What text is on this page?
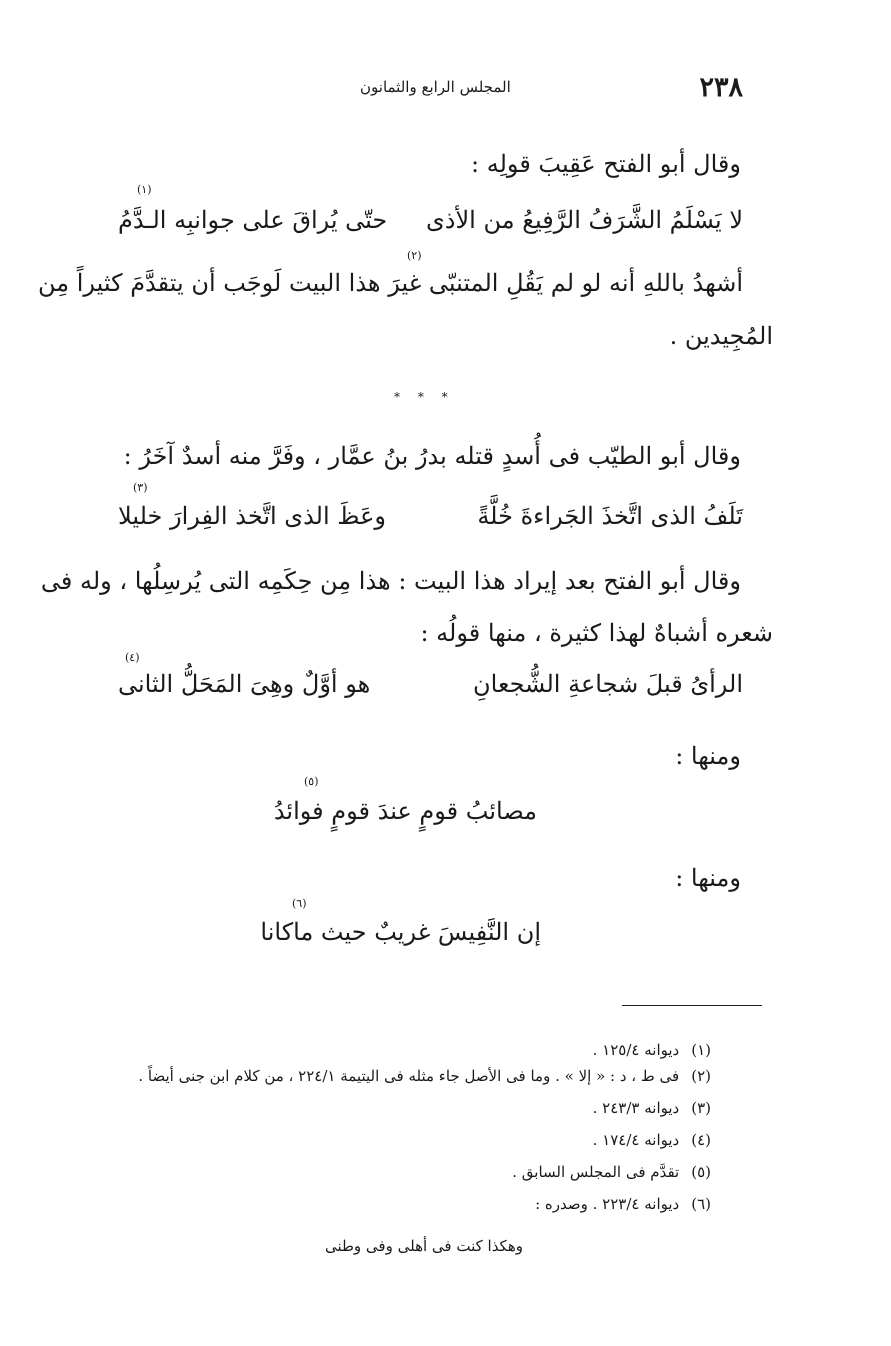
٢٣٨
المجلس الرابع والثمانون
وقال أبو الفتح عَقِيبَ قولِه :
(١)
لا يَسْلَمُ الشَّرَفُ الرَّفِيعُ من الأذى
حتّى يُراقَ على جوانبِه الـدَّمُ
(٢)
أشهدُ باللهِ أنه لو لم يَقُلِ المتنبّى غيرَ هذا البيت لَوجَب أن يتقدَّمَ كثيراً مِن
المُجِيدين .
* * *
وقال أبو الطيّب فى أُسدٍ قتله بدرُ بنُ عمَّار ، وفَرَّ منه أسدٌ آخَرُ :
(٣)
تَلَفُ الذى اتَّخذَ الجَراءةَ خُلَّةً
وعَظَ الذى اتَّخذ الفِرارَ خليلا
وقال أبو الفتح بعد إيراد هذا البيت : هذا مِن حِكَمِه التى يُرسِلُها ، وله فى
شعره أشباهٌ لهذا كثيرة ، منها قولُه :
(٤)
الرأىُ قبلَ شجاعةِ الشُّجعانِ
هو أوَّلٌ وهِىَ المَحَلُّ الثانى
ومنها :
(٥)
مصائبُ قومٍ عندَ قومٍ فوائدُ
ومنها :
(٦)
إن النَّفِيسَ غريبٌ حيث ماكانا
(١)ديوانه ١٢٥/٤ .
(٢)فى ط ، د : « إلا » . وما فى الأصل جاء مثله فى اليتيمة ٢٢٤/١ ، من كلام ابن جنى أيضاً .
(٣)ديوانه ٢٤٣/٣ .
(٤)ديوانه ١٧٤/٤ .
(٥)تقدَّم فى المجلس السابق .
(٦)ديوانه ٢٢٣/٤ . وصدره :
وهكذا كنت فى أهلى وفى وطنى
